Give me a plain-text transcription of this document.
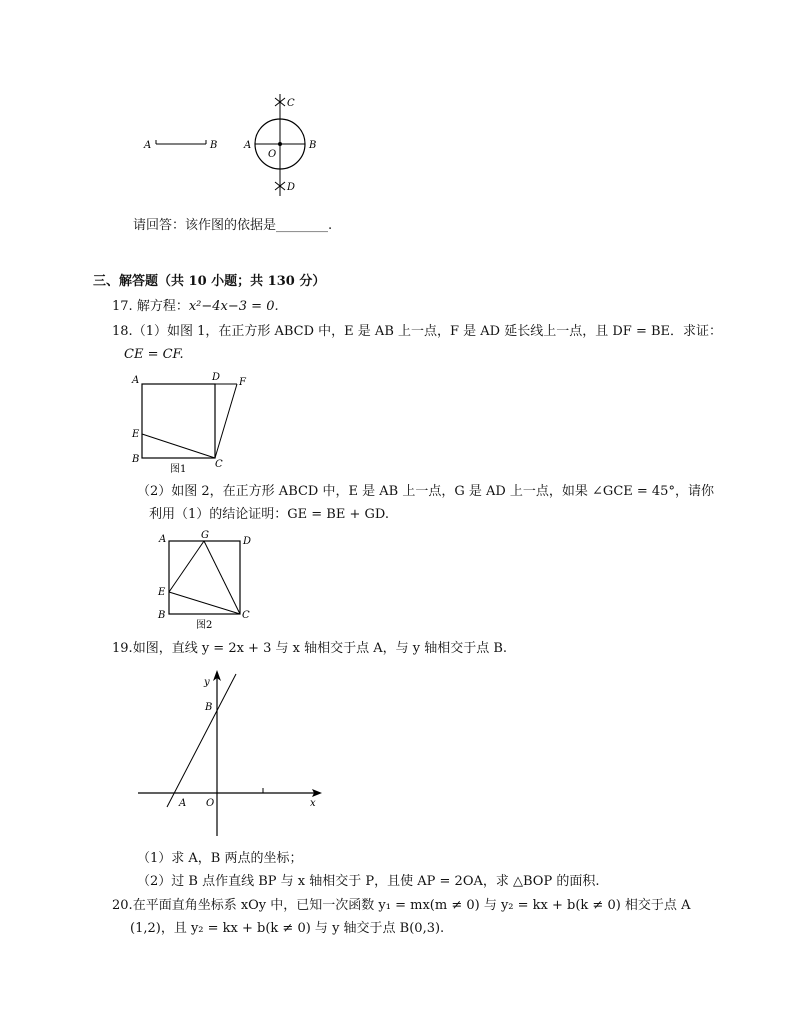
A	B	A
O
B
C
D
请回答：该作图的依据是________.
三、解答题（共 10 小题；共 130 分）
17. 解方程：x²−4x−3 = 0.
18.（1）如图 1，在正方形 ABCD 中，E 是 AB 上一点，F 是 AD 延长线上一点，且 DF = BE．求证：
CE = CF.
A	D F
E
B	C
图1
（2）如图 2，在正方形 ABCD 中，E 是 AB 上一点，G 是 AD 上一点，如果 ∠GCE = 45°，请你
利用（1）的结论证明：GE = BE + GD.
A	G
D
E
B	C
图2
19.如图，直线 y = 2x + 3 与 x 轴相交于点 A，与 y 轴相交于点 B.
y
x
B
A O
（1）求 A，B 两点的坐标；
（2）过 B 点作直线 BP 与 x 轴相交于 P，且使 AP = 2OA，求 △BOP 的面积.
20.在平面直角坐标系 xOy 中，已知一次函数 y₁ = mx(m ≠ 0) 与 y₂ = kx + b(k ≠ 0) 相交于点 A
(1,2)，且 y₂ = kx + b(k ≠ 0) 与 y 轴交于点 B(0,3).
